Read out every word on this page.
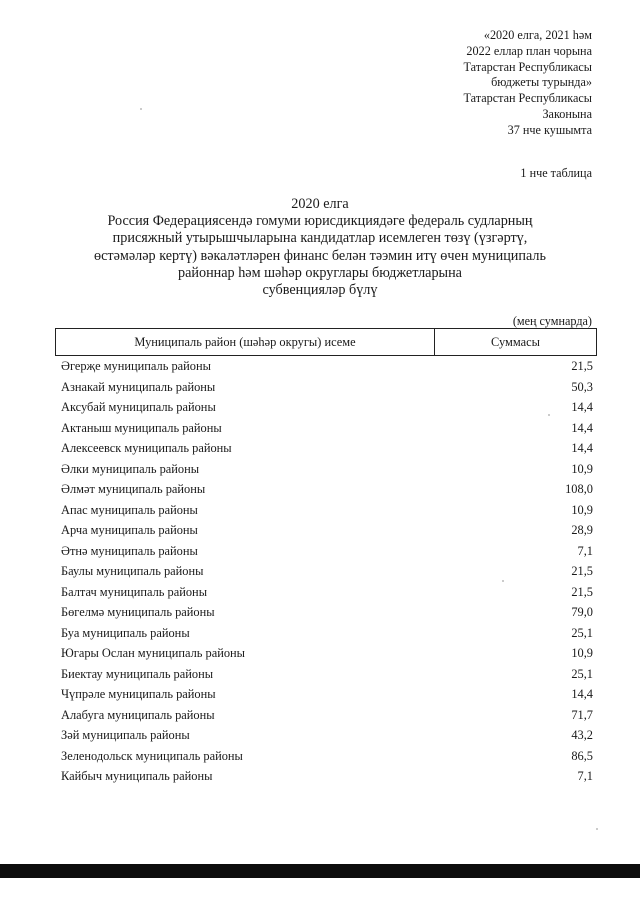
«2020 елга, 2021 һәм
2022 еллар план чорына
Татарстан Республикасы
бюджеты турында»
Татарстан Республикасы
Законына
37 нче кушымта
1 нче таблица
2020 елга
Россия Федерациясендә гомуми юрисдикциядәге федераль судларның
присяжный утырышчыларына кандидатлар исемлеген төзү (үзгәртү,
өстәмәләр кертү) вәкаләтләрен финанс белән тәэмин итү өчен муниципаль
районнар һәм шәһәр округлары бюджетларына
субвенцияләр бүлү
(мең сумнарда)
Муниципаль район (шәһәр округы) исеме	Суммасы
Әгерҗе муниципаль районы	21,5
Азнакай муниципаль районы	50,3
Аксубай муниципаль районы	14,4
Актаныш муниципаль районы	14,4
Алексеевск муниципаль районы	14,4
Әлки муниципаль районы	10,9
Әлмәт муниципаль районы	108,0
Апас муниципаль районы	10,9
Арча муниципаль районы	28,9
Әтнә муниципаль районы	7,1
Баулы муниципаль районы	21,5
Балтач муниципаль районы	21,5
Бөгелмә муниципаль районы	79,0
Буа муниципаль районы	25,1
Югары Ослан муниципаль районы	10,9
Биектау муниципаль районы	25,1
Чүпрәле муниципаль районы	14,4
Алабуга муниципаль районы	71,7
Зәй муниципаль районы	43,2
Зеленодольск муниципаль районы	86,5
Кайбыч муниципаль районы	7,1
